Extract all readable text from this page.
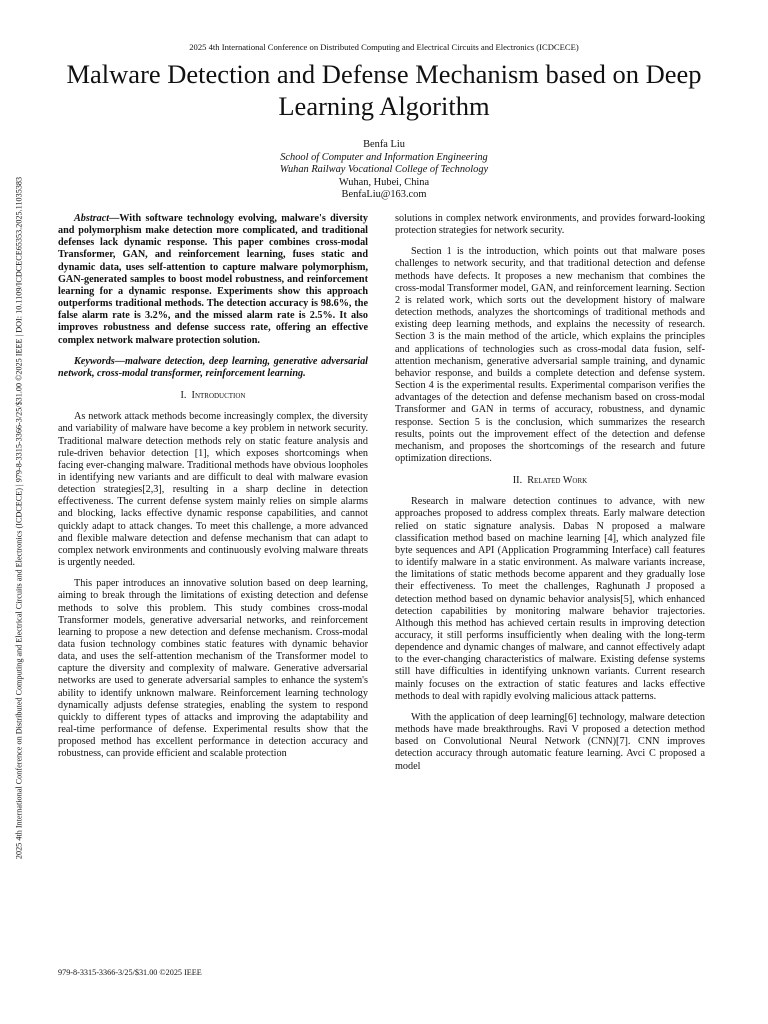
2025 4th International Conference on Distributed Computing and Electrical Circuits and Electronics (ICDCECE)
Malware Detection and Defense Mechanism based on Deep Learning Algorithm
Benfa Liu
School of Computer and Information Engineering
Wuhan Railway Vocational College of Technology
Wuhan, Hubei, China
BenfaLiu@163.com
2025 4th International Conference on Distributed Computing and Electrical Circuits and Electronics (ICDCECE) | 979-8-3315-3366-3/25/$31.00 ©2025 IEEE | DOI: 10.1109/ICDCECE65353.2025.11035383	Abstract—With software technology evolving, malware's diversity and polymorphism make detection more complicated, and traditional defenses lack dynamic response. This paper combines cross-modal Transformer, GAN, and reinforcement learning, fuses static and dynamic data, uses self-attention to capture malware polymorphism, GAN-generated samples to boost model robustness, and reinforcement learning for a dynamic response. Experiments show this approach outperforms traditional methods. The detection accuracy is 98.6%, the false alarm rate is 3.2%, and the missed alarm rate is 2.5%. It also improves robustness and defense success rate, offering an effective complex network malware protection solution.

Keywords—malware detection, deep learning, generative adversarial network, cross-modal transformer, reinforcement learning.

I. Introduction

As network attack methods become increasingly complex, the diversity and variability of malware have become a key problem in network security. Traditional malware detection methods rely on static feature analysis and rule-driven behavior detection [1], which exposes shortcomings when facing ever-changing malware. Traditional methods have obvious loopholes in identifying new variants and are difficult to deal with malware evasion detection strategies[2,3], resulting in a sharp decline in detection effectiveness. The current defense system mainly relies on simple alarms and blocking, lacks effective dynamic response capabilities, and cannot quickly adapt to attack changes. To meet this challenge, a more advanced and flexible malware detection and defense mechanism that can adapt to complex network environments and continuously evolving malware threats is urgently needed.

This paper introduces an innovative solution based on deep learning, aiming to break through the limitations of existing detection and defense methods to solve this problem. This study combines cross-modal Transformer models, generative adversarial networks, and reinforcement learning to propose a new detection and defense mechanism. Cross-modal data fusion technology combines static features with dynamic behavior data, and uses the self-attention mechanism of the Transformer model to capture the diversity and complexity of malware. Generative adversarial networks are used to generate adversarial samples to enhance the system's ability to identify unknown malware. Reinforcement learning technology dynamically adjusts defense strategies, enabling the system to respond quickly to different types of attacks and improving the adaptability and real-time performance of defense. Experimental results show that the proposed method has excellent performance in detection accuracy and robustness, can provide efficient and scalable protection

solutions in complex network environments, and provides forward-looking protection strategies for network security.

Section 1 is the introduction, which points out that malware poses challenges to network security, and that traditional detection and defense methods have defects. It proposes a new mechanism that combines the cross-modal Transformer model, GAN, and reinforcement learning. Section 2 is related work, which sorts out the development history of malware detection methods, analyzes the shortcomings of traditional methods and existing deep learning methods, and explains the necessity of research. Section 3 is the main method of the article, which explains the principles and applications of technologies such as cross-modal data fusion, self-attention mechanism, generative adversarial sample training, and dynamic behavior response, and builds a complete detection and defense system. Section 4 is the experimental results. Experimental comparison verifies the advantages of the detection and defense mechanism based on cross-modal Transformer and GAN in terms of accuracy, robustness, and dynamic response. Section 5 is the conclusion, which summarizes the research results, points out the improvement effect of the detection and defense mechanism, and proposes the shortcomings of the research and future optimization directions.

II. Related Work

Research in malware detection continues to advance, with new approaches proposed to address complex threats. Early malware detection relied on static signature analysis. Dabas N proposed a malware classification method based on machine learning [4], which analyzed file byte sequences and API (Application Programming Interface) call features to identify malware in a static environment. As malware variants increase, the limitations of static methods become apparent and they gradually lose their effectiveness. To meet the challenges, Raghunath J proposed a detection method based on dynamic behavior analysis[5], which enhanced detection capabilities by monitoring malware behavior trajectories. Although this method has achieved certain results in improving detection accuracy, it still performs insufficiently when dealing with the long-term dependence and dynamic changes of malware, and cannot effectively adapt to the ever-changing characteristics of malware. Existing defense systems still have difficulties in identifying unknown variants. Current research mainly focuses on the extraction of static features and lacks effective methods to deal with rapidly evolving malicious attack patterns.

With the application of deep learning[6] technology, malware detection methods have made breakthroughs. Ravi V proposed a detection method based on Convolutional Neural Network (CNN)[7]. CNN improves detection accuracy through automatic feature learning. Avci C proposed a model

979-8-3315-3366-3/25/$31.00 ©2025 IEEE
